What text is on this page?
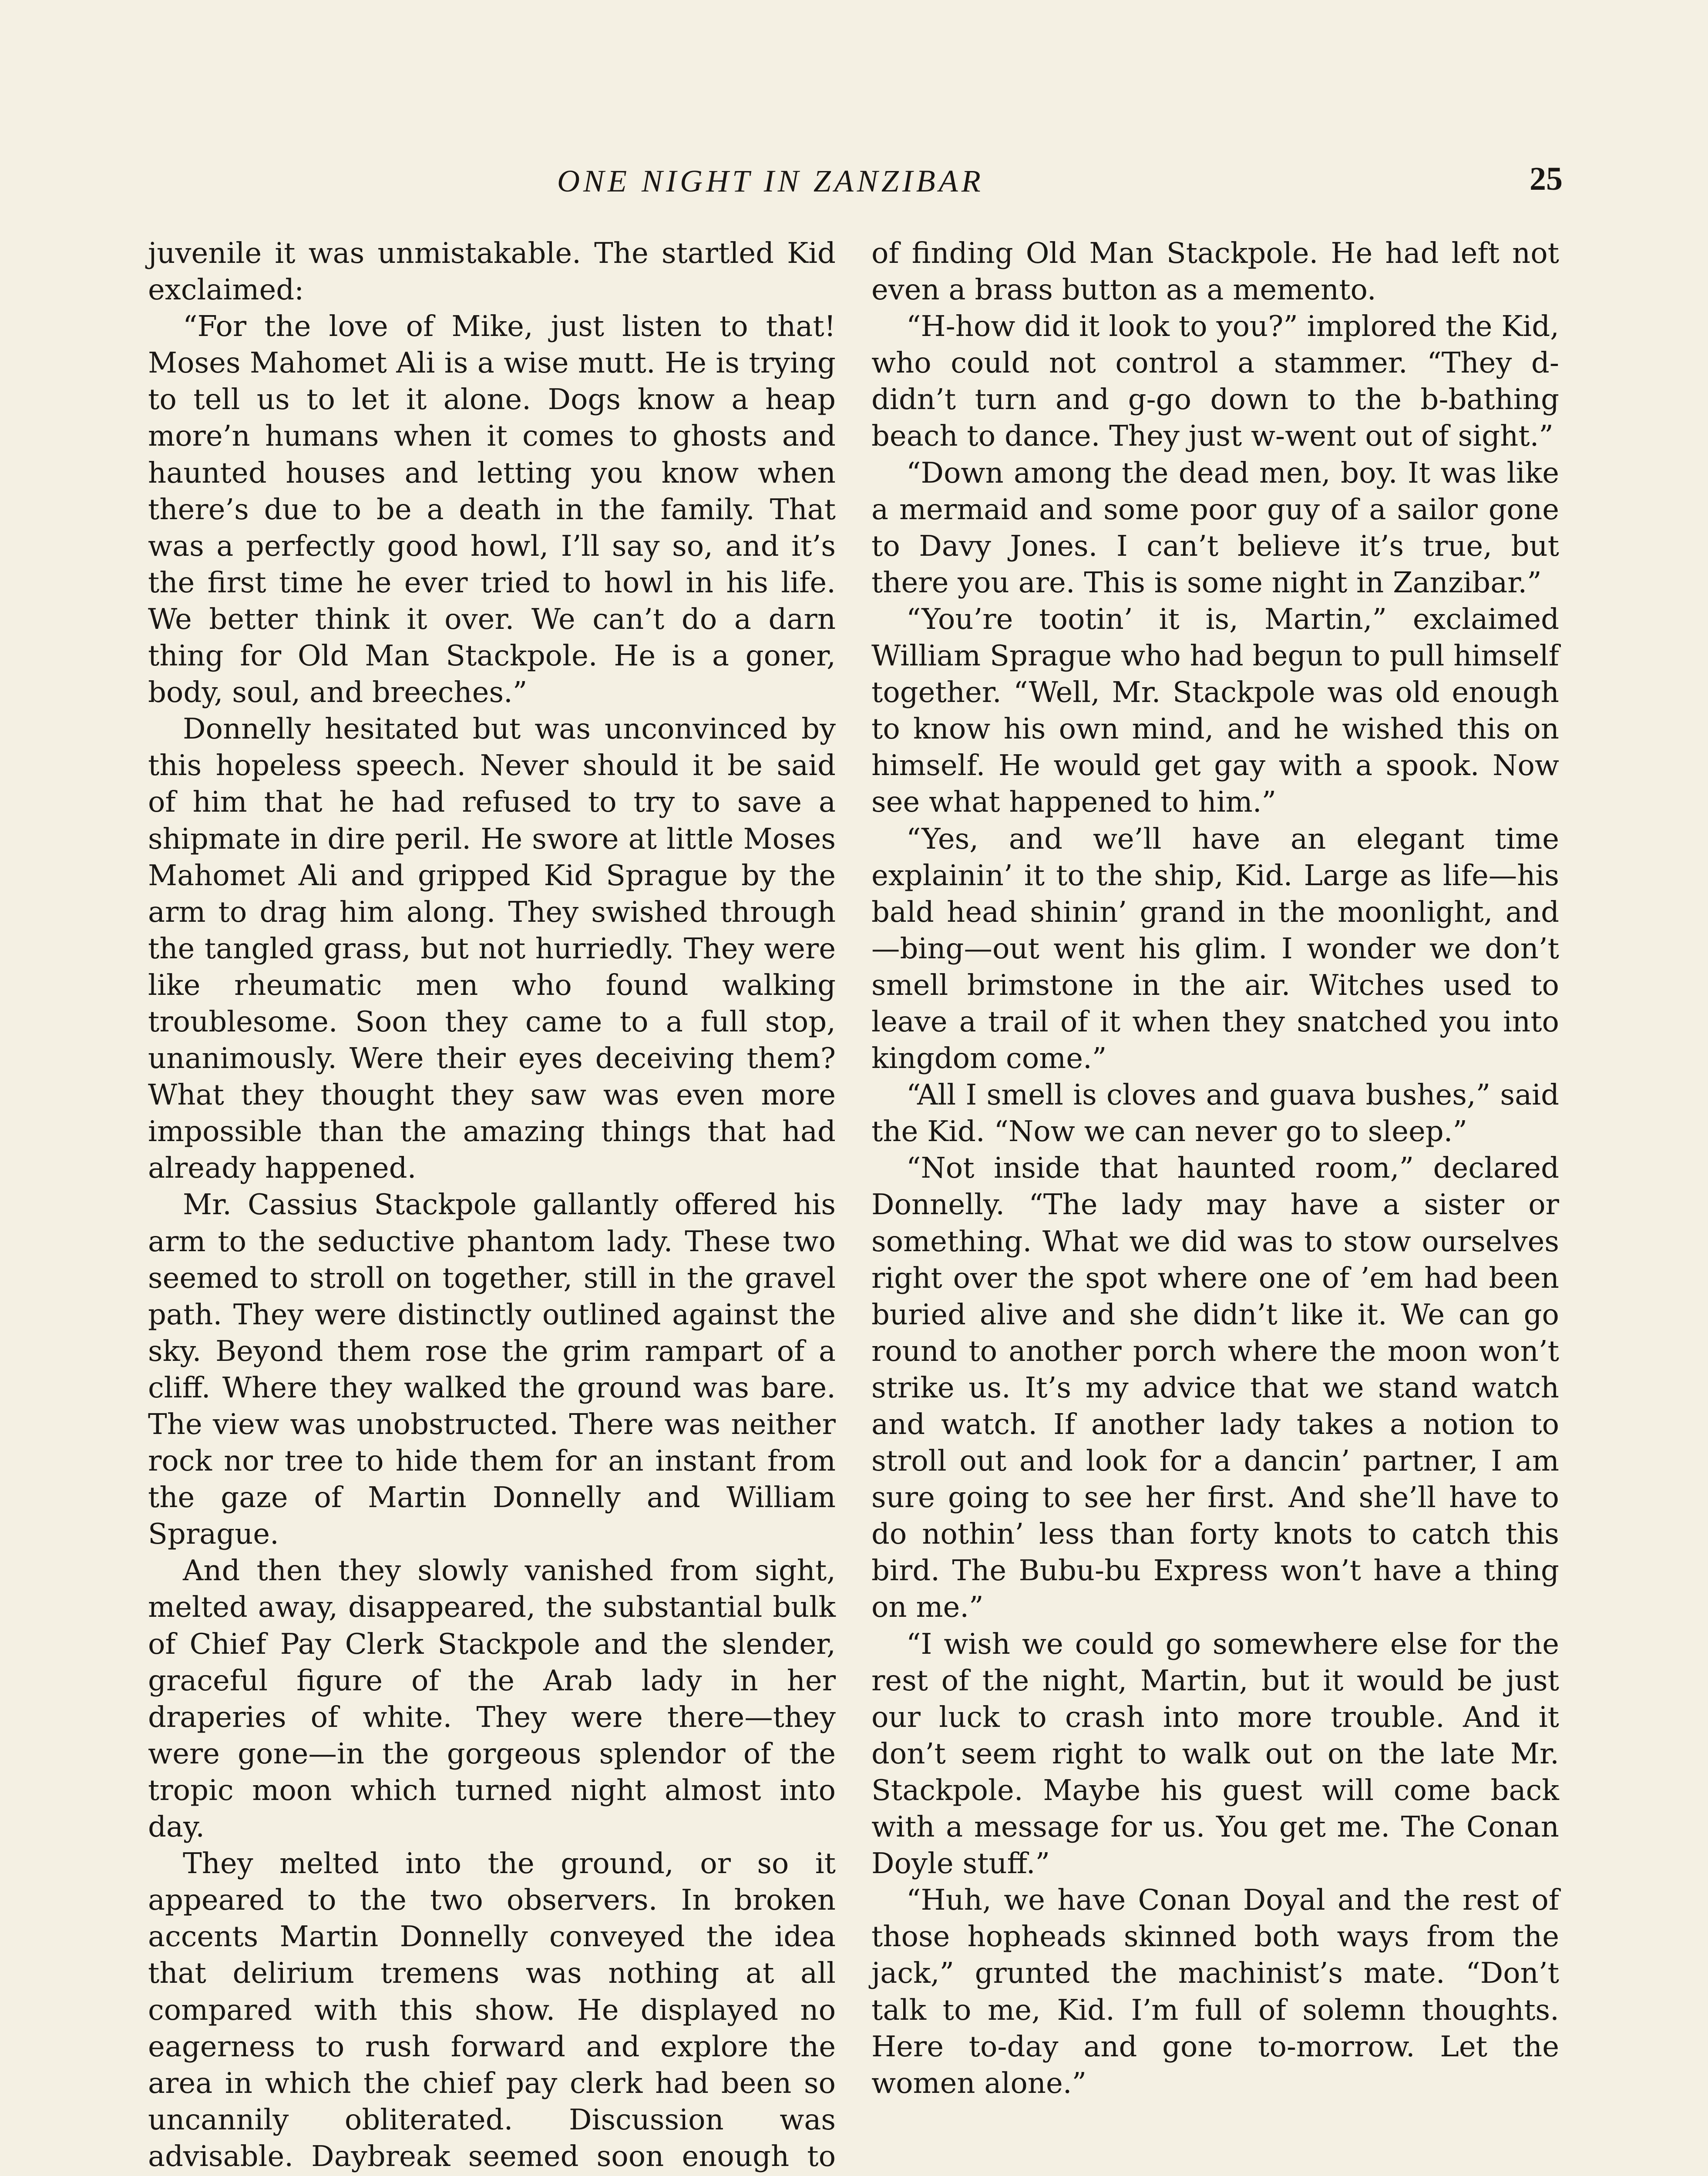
ONE NIGHT IN ZANZIBAR	25

juvenile it was unmistakable. The startled Kid exclaimed:

“For the love of Mike, just listen to that! Moses Mahomet Ali is a wise mutt. He is trying to tell us to let it alone. Dogs know a heap more’n humans when it comes to ghosts and haunted houses and letting you know when there’s due to be a death in the family. That was a perfectly good howl, I’ll say so, and it’s the first time he ever tried to howl in his life. We better think it over. We can’t do a darn thing for Old Man Stackpole. He is a goner, body, soul, and breeches.”

Donnelly hesitated but was unconvinced by this hopeless speech. Never should it be said of him that he had refused to try to save a shipmate in dire peril. He swore at little Moses Mahomet Ali and gripped Kid Sprague by the arm to drag him along. They swished through the tangled grass, but not hurriedly. They were like rheumatic men who found walking troublesome. Soon they came to a full stop, unanimously. Were their eyes deceiving them? What they thought they saw was even more impossible than the amazing things that had already happened.

Mr. Cassius Stackpole gallantly offered his arm to the seductive phantom lady. These two seemed to stroll on together, still in the gravel path. They were distinctly outlined against the sky. Beyond them rose the grim rampart of a cliff. Where they walked the ground was bare. The view was unobstructed. There was neither rock nor tree to hide them for an instant from the gaze of Martin Donnelly and William Sprague.

And then they slowly vanished from sight, melted away, disappeared, the substantial bulk of Chief Pay Clerk Stackpole and the slender, graceful figure of the Arab lady in her draperies of white. They were there—they were gone—in the gorgeous splendor of the tropic moon which turned night almost into day.

They melted into the ground, or so it appeared to the two observers. In broken accents Martin Donnelly conveyed the idea that delirium tremens was nothing at all compared with this show. He displayed no eagerness to rush forward and explore the area in which the chief pay clerk had been so uncannily obliterated. Discussion was advisable. Daybreak seemed soon enough to

of finding Old Man Stackpole. He had left not even a brass button as a memento.

“H-how did it look to you?” implored the Kid, who could not control a stammer. “They d-didn’t turn and g-go down to the b-bathing beach to dance. They just w-went out of sight.”

“Down among the dead men, boy. It was like a mermaid and some poor guy of a sailor gone to Davy Jones. I can’t believe it’s true, but there you are. This is some night in Zanzibar.”

“You’re tootin’ it is, Martin,” exclaimed William Sprague who had begun to pull himself together. “Well, Mr. Stackpole was old enough to know his own mind, and he wished this on himself. He would get gay with a spook. Now see what happened to him.”

“Yes, and we’ll have an elegant time explainin’ it to the ship, Kid. Large as life—his bald head shinin’ grand in the moonlight, and—bing—out went his glim. I wonder we don’t smell brimstone in the air. Witches used to leave a trail of it when they snatched you into kingdom come.”

“All I smell is cloves and guava bushes,” said the Kid. “Now we can never go to sleep.”

“Not inside that haunted room,” declared Donnelly. “The lady may have a sister or something. What we did was to stow ourselves right over the spot where one of ’em had been buried alive and she didn’t like it. We can go round to another porch where the moon won’t strike us. It’s my advice that we stand watch and watch. If another lady takes a notion to stroll out and look for a dancin’ partner, I am sure going to see her first. And she’ll have to do nothin’ less than forty knots to catch this bird. The Bubu-bu Express won’t have a thing on me.”

“I wish we could go somewhere else for the rest of the night, Martin, but it would be just our luck to crash into more trouble. And it don’t seem right to walk out on the late Mr. Stackpole. Maybe his guest will come back with a message for us. You get me. The Conan Doyle stuff.”

“Huh, we have Conan Doyal and the rest of those hopheads skinned both ways from the jack,” grunted the machinist’s mate. “Don’t talk to me, Kid. I’m full of solemn thoughts. Here to-day and gone to-morrow. Let the women alone.”
